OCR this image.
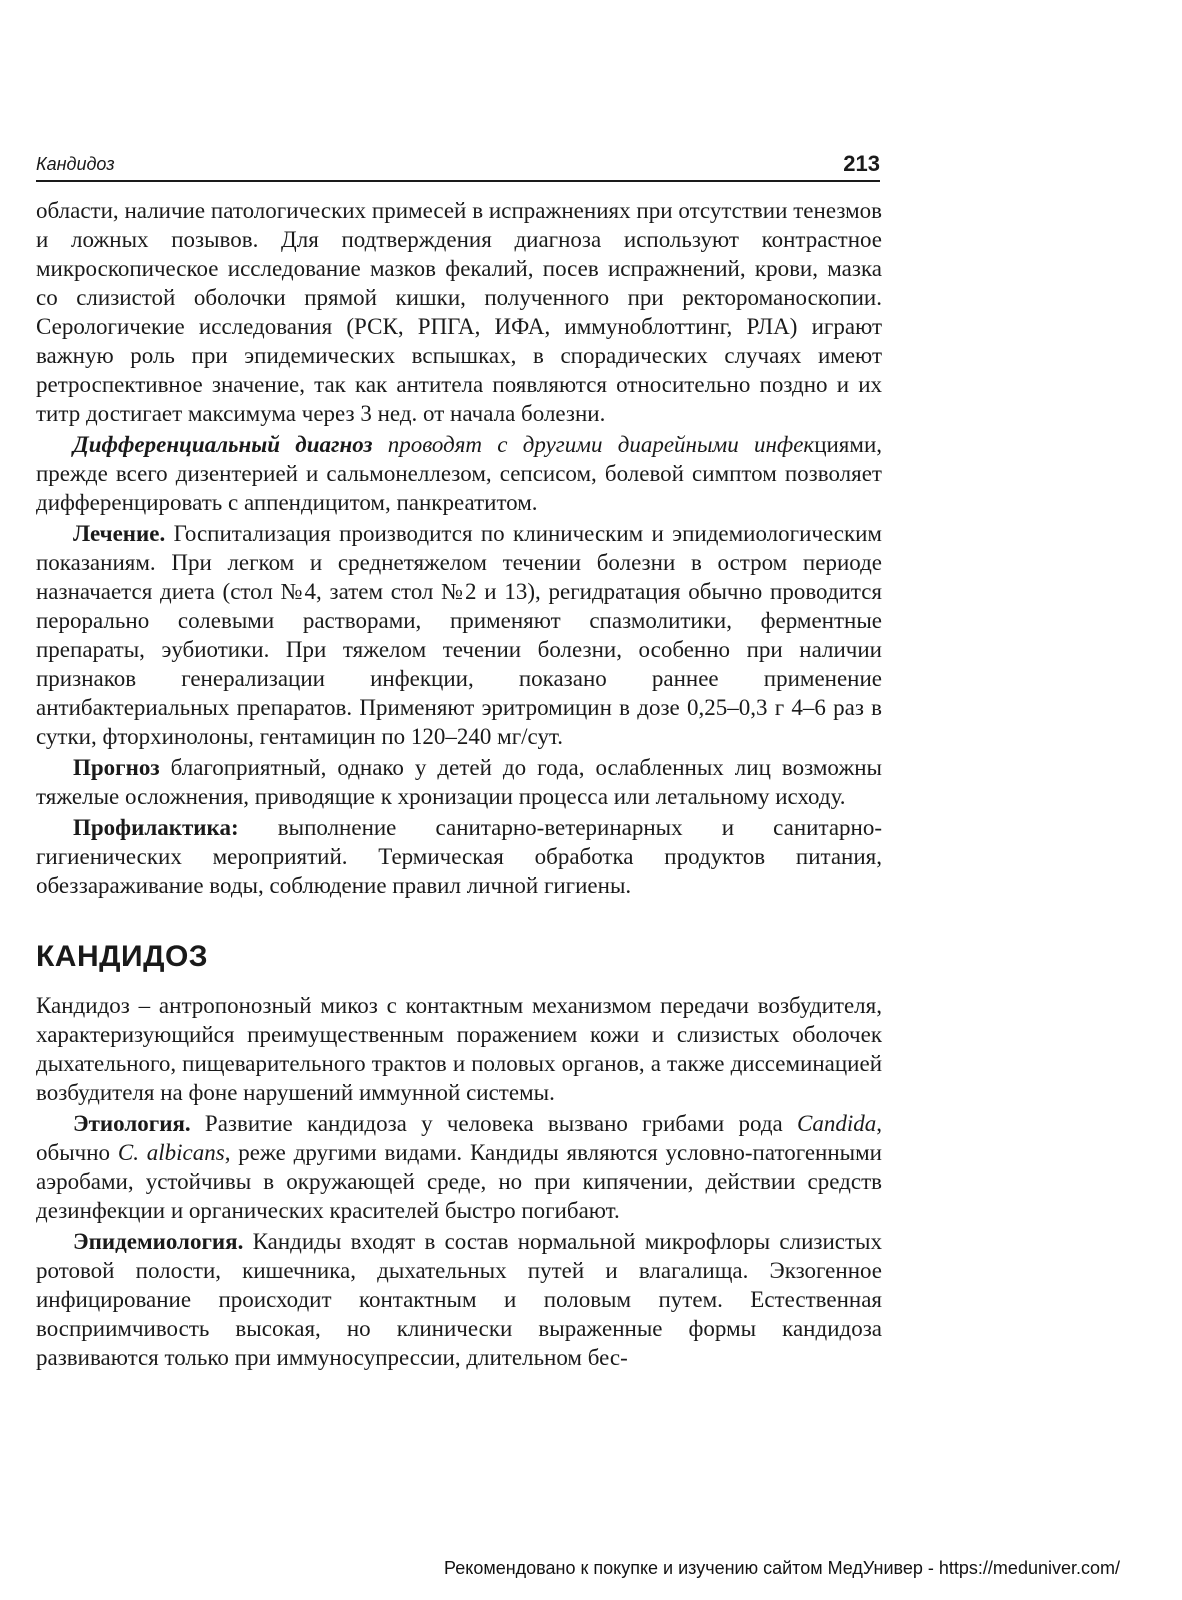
Кандидоз	213

области, наличие патологических примесей в испражнениях при отсутствии тенезмов и ложных позывов. Для подтверждения диагноза используют контрастное микроскопическое исследование мазков фекалий, посев испражнений, крови, мазка со слизистой оболочки прямой кишки, полученного при ректороманоскопии. Серологичекие исследования (РСК, РПГА, ИФА, иммуноблоттинг, РЛА) играют важную роль при эпидемических вспышках, в спорадических случаях имеют ретроспективное значение, так как антитела появляются относительно поздно и их титр достигает максимума через 3 нед. от начала болезни.

Дифференциальный диагноз проводят с другими диарейными инфекциями, прежде всего дизентерией и сальмонеллезом, сепсисом, болевой симптом позволяет дифференцировать с аппендицитом, панкреатитом.

Лечение. Госпитализация производится по клиническим и эпидемиологическим показаниям. При легком и среднетяжелом течении болезни в остром периоде назначается диета (стол №4, затем стол №2 и 13), регидратация обычно проводится перорально солевыми растворами, применяют спазмолитики, ферментные препараты, эубиотики. При тяжелом течении болезни, особенно при наличии признаков генерализации инфекции, показано раннее применение антибактериальных препаратов. Применяют эритромицин в дозе 0,25–0,3 г 4–6 раз в сутки, фторхинолоны, гентамицин по 120–240 мг/сут.

Прогноз благоприятный, однако у детей до года, ослабленных лиц возможны тяжелые осложнения, приводящие к хронизации процесса или летальному исходу.

Профилактика: выполнение санитарно-ветеринарных и санитарно-гигиенических мероприятий. Термическая обработка продуктов питания, обеззараживание воды, соблюдение правил личной гигиены.

КАНДИДОЗ

Кандидоз – антропонозный микоз с контактным механизмом передачи возбудителя, характеризующийся преимущественным поражением кожи и слизистых оболочек дыхательного, пищеварительного трактов и половых органов, а также диссеминацией возбудителя на фоне нарушений иммунной системы.

Этиология. Развитие кандидоза у человека вызвано грибами рода Candida, обычно C. albicans, реже другими видами. Кандиды являются условно-патогенными аэробами, устойчивы в окружающей среде, но при кипячении, действии средств дезинфекции и органических красителей быстро погибают.

Эпидемиология. Кандиды входят в состав нормальной микрофлоры слизистых ротовой полости, кишечника, дыхательных путей и влагалища. Экзогенное инфицирование происходит контактным и половым путем. Естественная восприимчивость высокая, но клинически выраженные формы кандидоза развиваются только при иммуносупрессии, длительном бес-

Рекомендовано к покупке и изучению сайтом МедУнивер - https://meduniver.com/
